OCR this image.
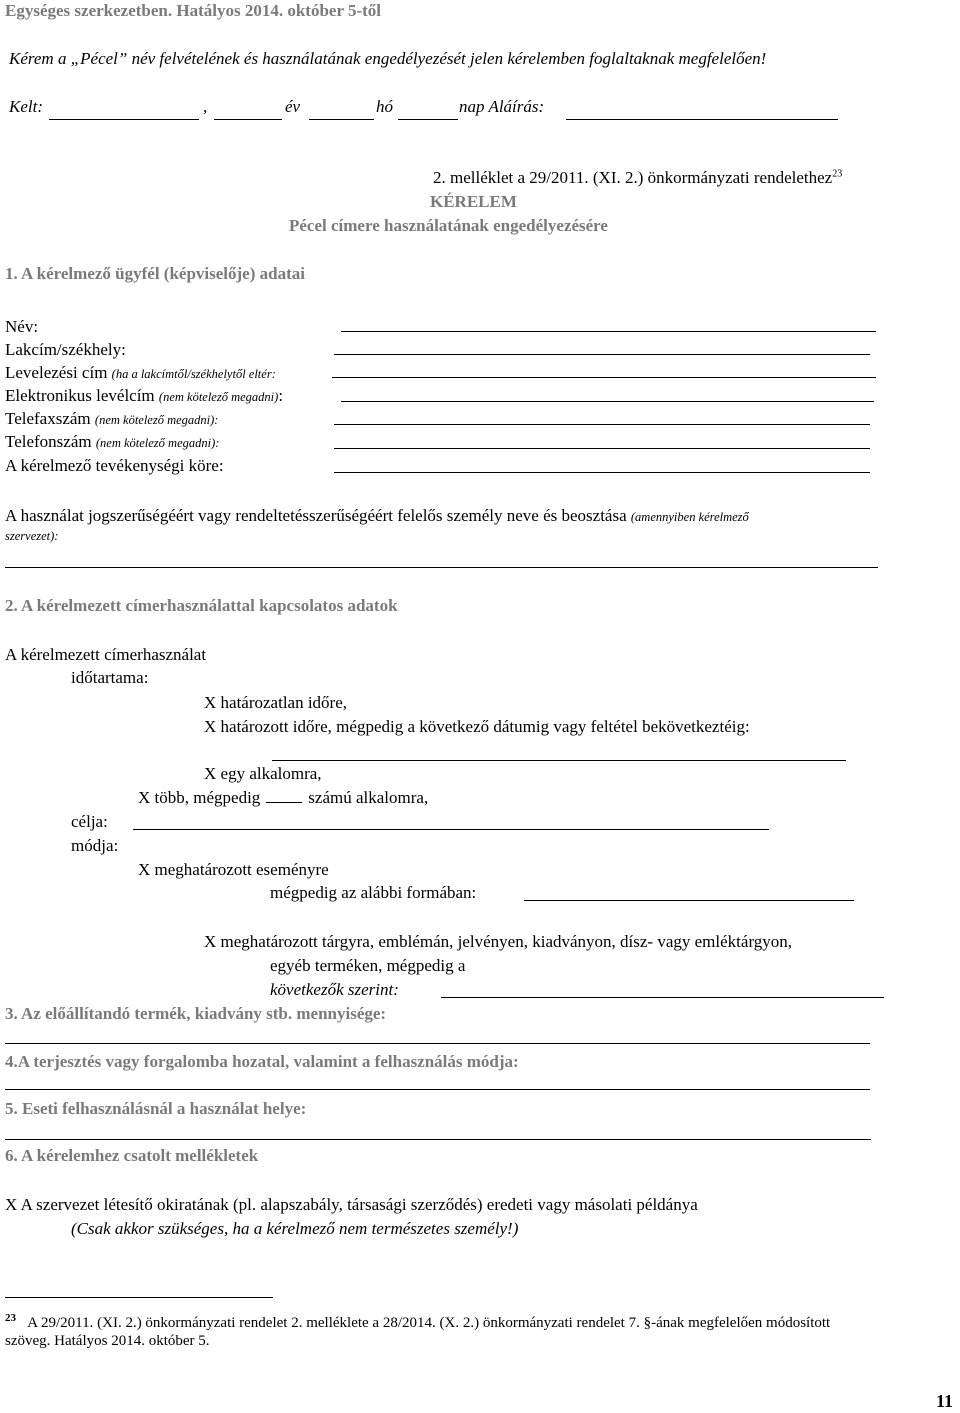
Egységes szerkezetben. Hatályos 2014. október 5-től
Kérem a „Pécel” név felvételének és használatának engedélyezését jelen kérelemben foglaltaknak megfelelően!
Kelt:	,	év	hó	nap Aláírás:
2. melléklet a 29/2011. (XI. 2.) önkormányzati rendelethez$^{23}$
KÉRELEM
Pécel címere használatának engedélyezésére
1. A kérelmező ügyfél (képviselője) adatai
Név:
Lakcím/székhely:
Levelezési cím (ha a lakcímtől/székhelytől eltér:
Elektronikus levélcím (nem kötelező megadni):
Telefaxszám (nem kötelező megadni):
Telefonszám (nem kötelező megadni):
A kérelmező tevékenységi köre:
A használat jogszerűségéért vagy rendeltetésszerűségéért felelős személy neve és beosztása (amennyiben kérelmező
szervezet):
2. A kérelmezett címerhasználattal kapcsolatos adatok
A kérelmezett címerhasználat
időtartama:
X határozatlan időre,
X határozott időre, mégpedig a következő dátumig vagy feltétel bekövetkeztéig:
X egy alkalomra,
X több, mégpedig	számú alkalomra,
célja:
módja:
X meghatározott eseményre
mégpedig az alábbi formában:
X meghatározott tárgyra, emblémán, jelvényen, kiadványon, dísz- vagy emléktárgyon,
egyéb terméken, mégpedig a
következők szerint:
3. Az előállítandó termék, kiadvány stb. mennyisége:
4.A terjesztés vagy forgalomba hozatal, valamint a felhasználás módja:
5. Eseti felhasználásnál a használat helye:
6. A kérelemhez csatolt mellékletek
X A szervezet létesítő okiratának (pl. alapszabály, társasági szerződés) eredeti vagy másolati példánya
(Csak akkor szükséges, ha a kérelmező nem természetes személy!)
$^{23}$ A 29/2011. (XI. 2.) önkormányzati rendelet 2. melléklete a 28/2014. (X. 2.) önkormányzati rendelet 7. §-ának megfelelően módosított
szöveg. Hatályos 2014. október 5.
11
